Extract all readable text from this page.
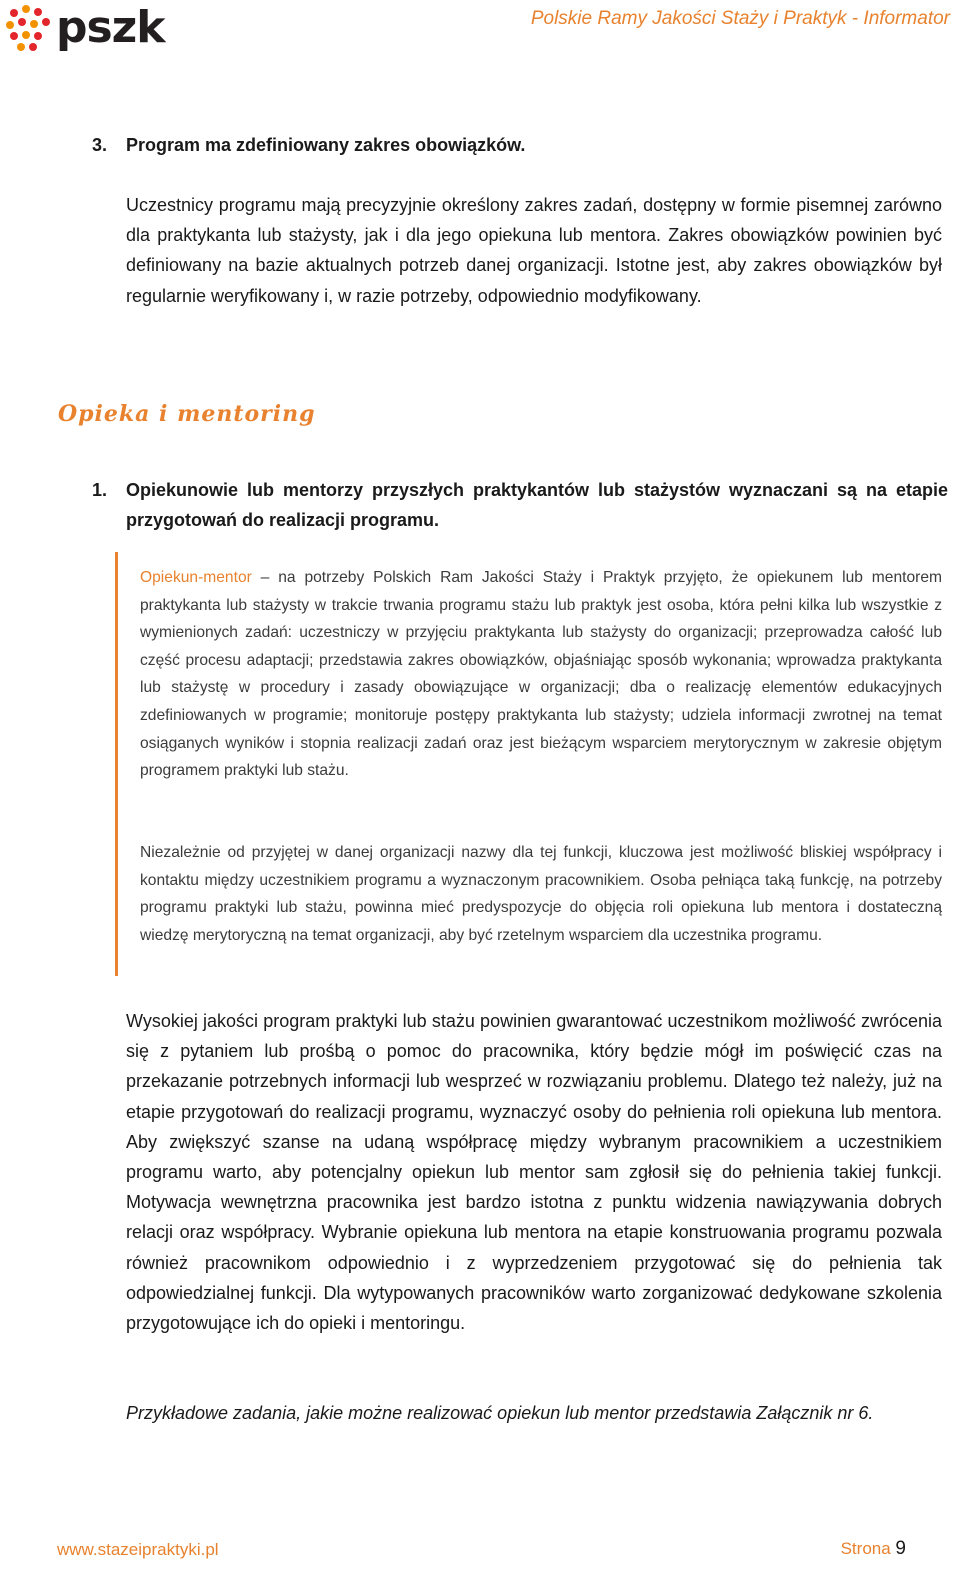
pszk	Polskie Ramy Jakości Staży i Praktyk - Informator
3. Program ma zdefiniowany zakres obowiązków.
Uczestnicy programu mają precyzyjnie określony zakres zadań, dostępny w formie pisemnej zarówno dla praktykanta lub stażysty, jak i dla jego opiekuna lub mentora. Zakres obowiązków powinien być definiowany na bazie aktualnych potrzeb danej organizacji. Istotne jest, aby zakres obowiązków był regularnie weryfikowany i, w razie potrzeby, odpowiednio modyfikowany.
Opieka i mentoring
1. Opiekunowie lub mentorzy przyszłych praktykantów lub stażystów wyznaczani są na etapie przygotowań do realizacji programu.
Opiekun-mentor – na potrzeby Polskich Ram Jakości Staży i Praktyk przyjęto, że opiekunem lub mentorem praktykanta lub stażysty w trakcie trwania programu stażu lub praktyk jest osoba, która pełni kilka lub wszystkie z wymienionych zadań: uczestniczy w przyjęciu praktykanta lub stażysty do organizacji; przeprowadza całość lub część procesu adaptacji; przedstawia zakres obowiązków, objaśniając sposób wykonania; wprowadza praktykanta lub stażystę w procedury i zasady obowiązujące w organizacji; dba o realizację elementów edukacyjnych zdefiniowanych w programie; monitoruje postępy praktykanta lub stażysty; udziela informacji zwrotnej na temat osiąganych wyników i stopnia realizacji zadań oraz jest bieżącym wsparciem merytorycznym w zakresie objętym programem praktyki lub stażu.
Niezależnie od przyjętej w danej organizacji nazwy dla tej funkcji, kluczowa jest możliwość bliskiej współpracy i kontaktu między uczestnikiem programu a wyznaczonym pracownikiem. Osoba pełniąca taką funkcję, na potrzeby programu praktyki lub stażu, powinna mieć predyspozycje do objęcia roli opiekuna lub mentora i dostateczną wiedzę merytoryczną na temat organizacji, aby być rzetelnym wsparciem dla uczestnika programu.
Wysokiej jakości program praktyki lub stażu powinien gwarantować uczestnikom możliwość zwrócenia się z pytaniem lub prośbą o pomoc do pracownika, który będzie mógł im poświęcić czas na przekazanie potrzebnych informacji lub wesprzeć w rozwiązaniu problemu. Dlatego też należy, już na etapie przygotowań do realizacji programu, wyznaczyć osoby do pełnienia roli opiekuna lub mentora. Aby zwiększyć szanse na udaną współpracę między wybranym pracownikiem a uczestnikiem programu warto, aby potencjalny opiekun lub mentor sam zgłosił się do pełnienia takiej funkcji. Motywacja wewnętrzna pracownika jest bardzo istotna z punktu widzenia nawiązywania dobrych relacji oraz współpracy. Wybranie opiekuna lub mentora na etapie konstruowania programu pozwala również pracownikom odpowiednio i z wyprzedzeniem przygotować się do pełnienia tak odpowiedzialnej funkcji. Dla wytypowanych pracowników warto zorganizować dedykowane szkolenia przygotowujące ich do opieki i mentoringu.
Przykładowe zadania, jakie możne realizować opiekun lub mentor przedstawia Załącznik nr 6.
www.stazeipraktyki.pl	Strona 9
